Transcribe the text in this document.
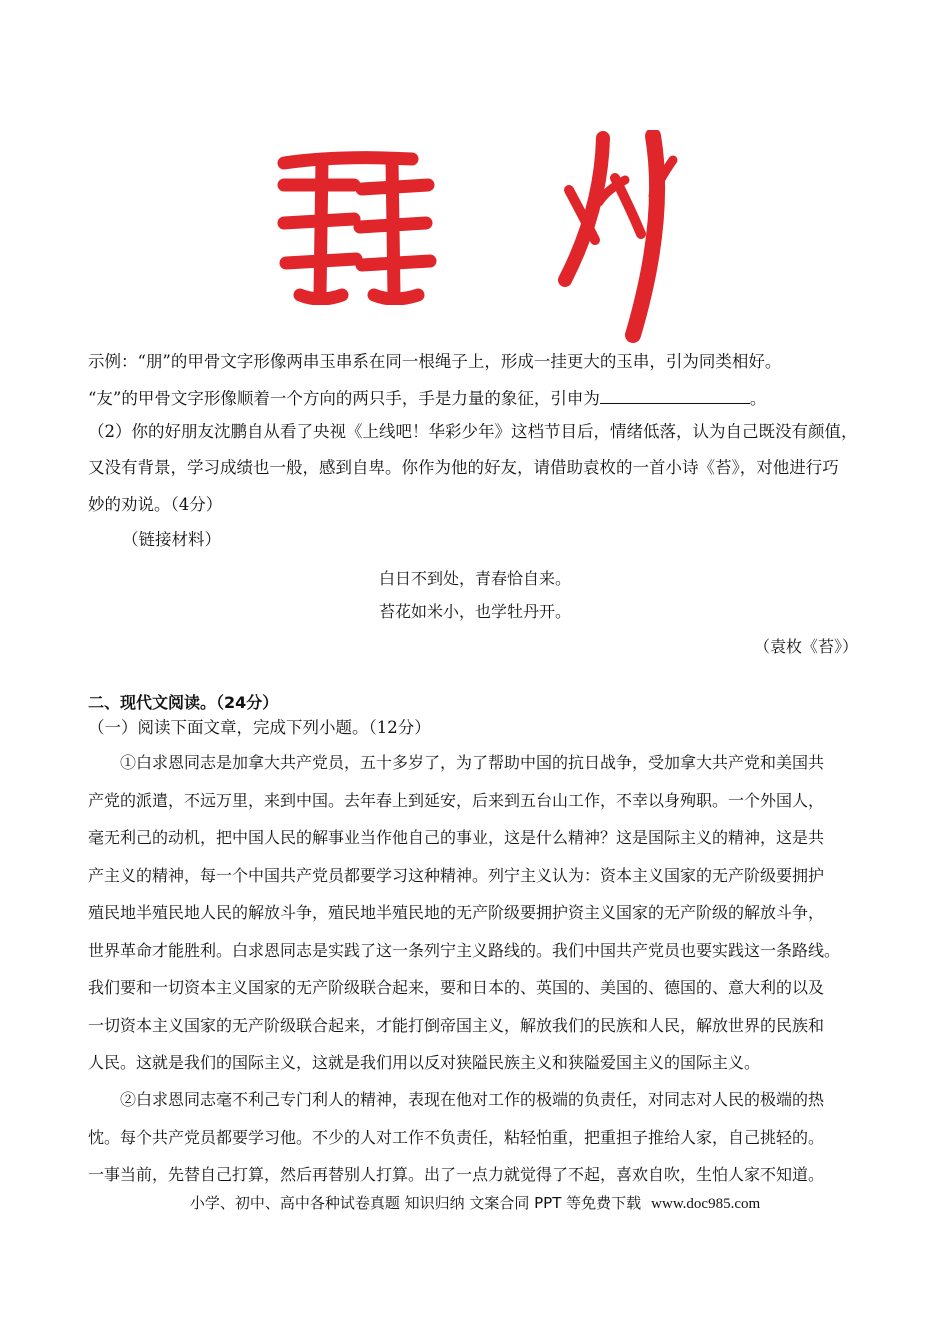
示例：“朋”的甲骨文字形像两串玉串系在同一根绳子上，形成一挂更大的玉串，引为同类相好。
“友”的甲骨文字形像顺着一个方向的两只手，手是力量的象征，引申为	。
（2）你的好朋友沈鹏自从看了央视《上线吧！华彩少年》这档节目后，情绪低落，认为自己既没有颜值，
又没有背景，学习成绩也一般，感到自卑。你作为他的好友，请借助袁枚的一首小诗《苔》，对他进行巧
妙的劝说。（4分）
（链接材料）
白日不到处，青春恰自来。
苔花如米小，也学牡丹开。
（袁枚《苔》）
二、现代文阅读。（24分）
（一）阅读下面文章，完成下列小题。（12分）
①白求恩同志是加拿大共产党员，五十多岁了，为了帮助中国的抗日战争，受加拿大共产党和美国共
产党的派遣，不远万里，来到中国。去年春上到延安，后来到五台山工作，不幸以身殉职。一个外国人，
毫无利己的动机，把中国人民的解事业当作他自己的事业，这是什么精神？这是国际主义的精神，这是共
产主义的精神，每一个中国共产党员都要学习这种精神。列宁主义认为：资本主义国家的无产阶级要拥护
殖民地半殖民地人民的解放斗争，殖民地半殖民地的无产阶级要拥护资主义国家的无产阶级的解放斗争，
世界革命才能胜利。白求恩同志是实践了这一条列宁主义路线的。我们中国共产党员也要实践这一条路线。
我们要和一切资本主义国家的无产阶级联合起来，要和日本的、英国的、美国的、德国的、意大利的以及
一切资本主义国家的无产阶级联合起来，才能打倒帝国主义，解放我们的民族和人民，解放世界的民族和
人民。这就是我们的国际主义，这就是我们用以反对狭隘民族主义和狭隘爱国主义的国际主义。
②白求恩同志毫不利己专门利人的精神，表现在他对工作的极端的负责任，对同志对人民的极端的热
忱。每个共产党员都要学习他。不少的人对工作不负责任，粘轻怕重，把重担子推给人家，自己挑轻的。
一事当前，先替自己打算，然后再替别人打算。出了一点力就觉得了不起，喜欢自吹，生怕人家不知道。
小学、初中、高中各种试卷真题 知识归纳 文案合同 PPT 等免费下载 www.doc985.com
